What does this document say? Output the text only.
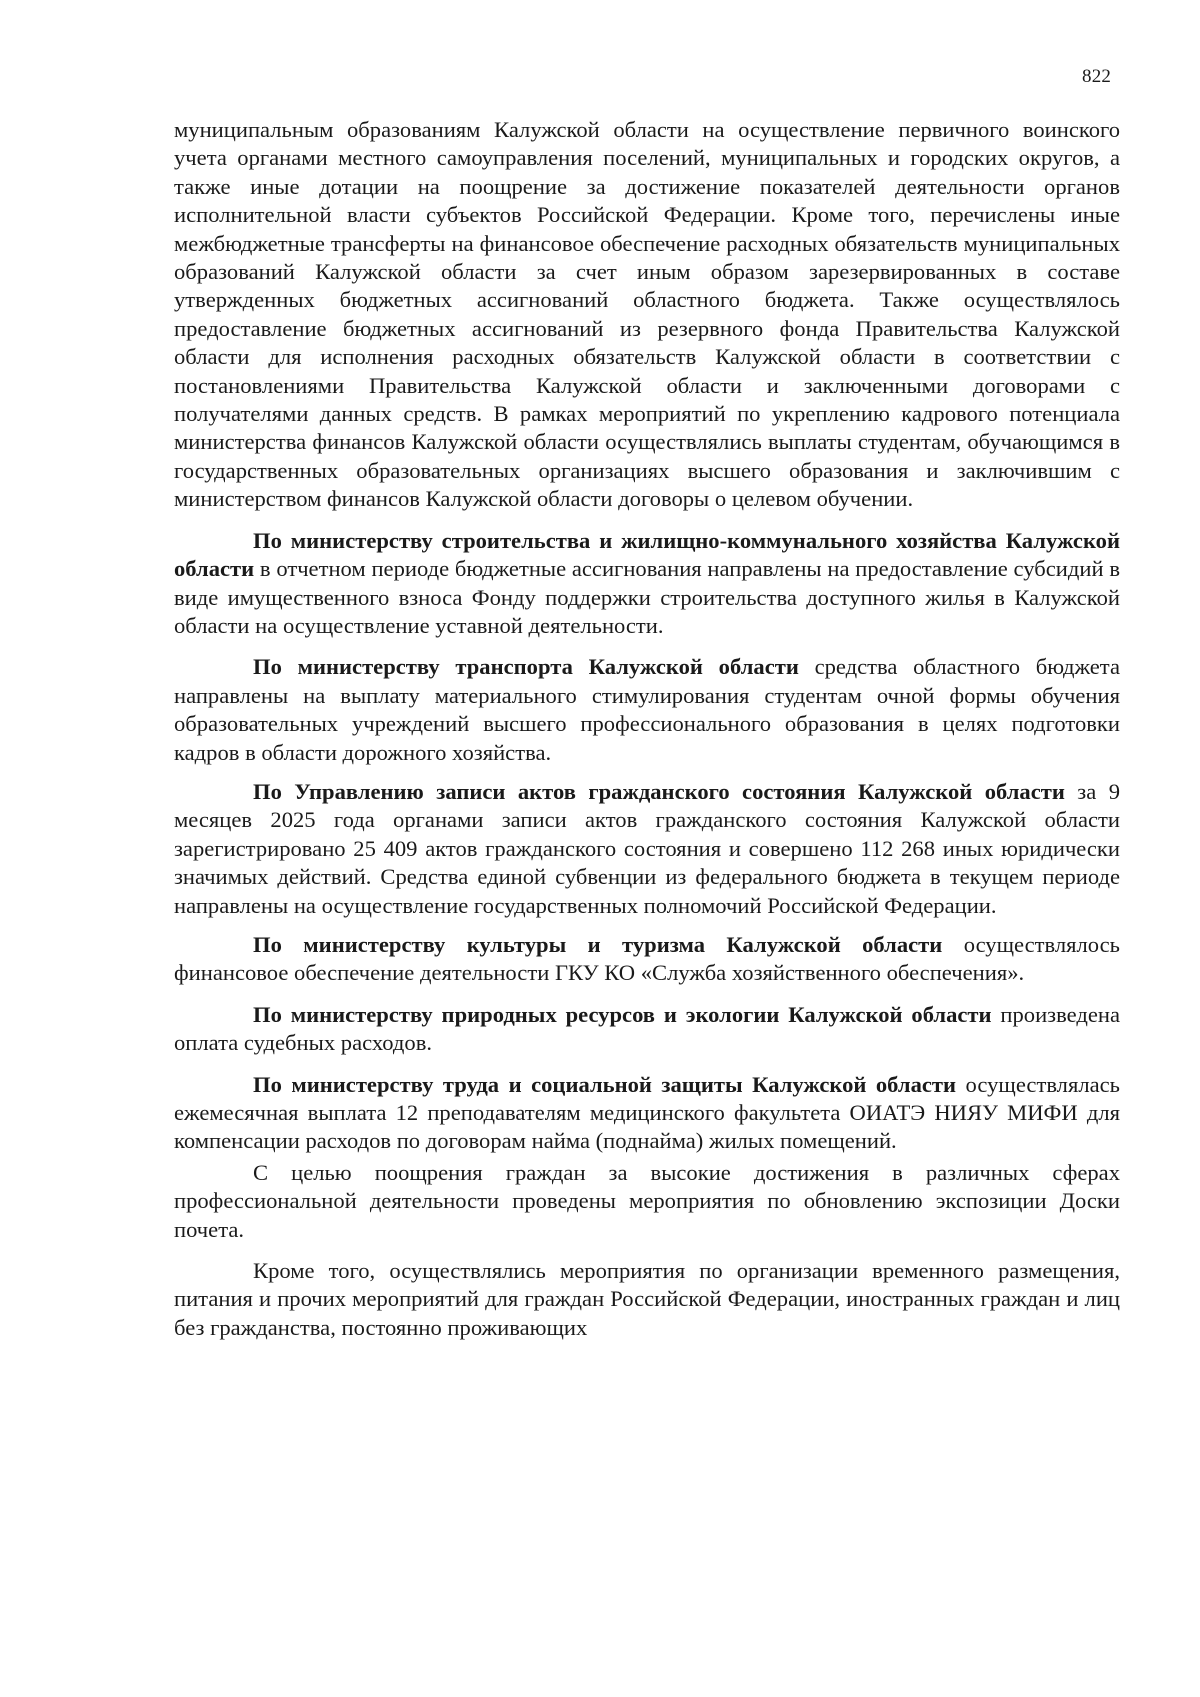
822

муниципальным образованиям Калужской области на осуществление первичного воинского учета органами местного самоуправления поселений, муниципальных и городских округов, а также иные дотации на поощрение за достижение показателей деятельности органов исполнительной власти субъектов Российской Федерации. Кроме того, перечислены иные межбюджетные трансферты на финансовое обеспечение расходных обязательств муниципальных образований Калужской области за счет иным образом зарезервированных в составе утвержденных бюджетных ассигнований областного бюджета. Также осуществлялось предоставление бюджетных ассигнований из резервного фонда Правительства Калужской области для исполнения расходных обязательств Калужской области в соответствии с постановлениями Правительства Калужской области и заключенными договорами с получателями данных средств. В рамках мероприятий по укреплению кадрового потенциала министерства финансов Калужской области осуществлялись выплаты студентам, обучающимся в государственных образовательных организациях высшего образования и заключившим с министерством финансов Калужской области договоры о целевом обучении.

По министерству строительства и жилищно-коммунального хозяйства Калужской области в отчетном периоде бюджетные ассигнования направлены на предоставление субсидий в виде имущественного взноса Фонду поддержки строительства доступного жилья в Калужской области на осуществление уставной деятельности.

По министерству транспорта Калужской области средства областного бюджета направлены на выплату материального стимулирования студентам очной формы обучения образовательных учреждений высшего профессионального образования в целях подготовки кадров в области дорожного хозяйства.

По Управлению записи актов гражданского состояния Калужской области за 9 месяцев 2025 года органами записи актов гражданского состояния Калужской области зарегистрировано 25 409 актов гражданского состояния и совершено 112 268 иных юридически значимых действий. Средства единой субвенции из федерального бюджета в текущем периоде направлены на осуществление государственных полномочий Российской Федерации.

По министерству культуры и туризма Калужской области осуществлялось финансовое обеспечение деятельности ГКУ КО «Служба хозяйственного обеспечения».

По министерству природных ресурсов и экологии Калужской области произведена оплата судебных расходов.

По министерству труда и социальной защиты Калужской области осуществлялась ежемесячная выплата 12 преподавателям медицинского факультета ОИАТЭ НИЯУ МИФИ для компенсации расходов по договорам найма (поднайма) жилых помещений.

С целью поощрения граждан за высокие достижения в различных сферах профессиональной деятельности проведены мероприятия по обновлению экспозиции Доски почета.

Кроме того, осуществлялись мероприятия по организации временного размещения, питания и прочих мероприятий для граждан Российской Федерации, иностранных граждан и лиц без гражданства, постоянно проживающих
